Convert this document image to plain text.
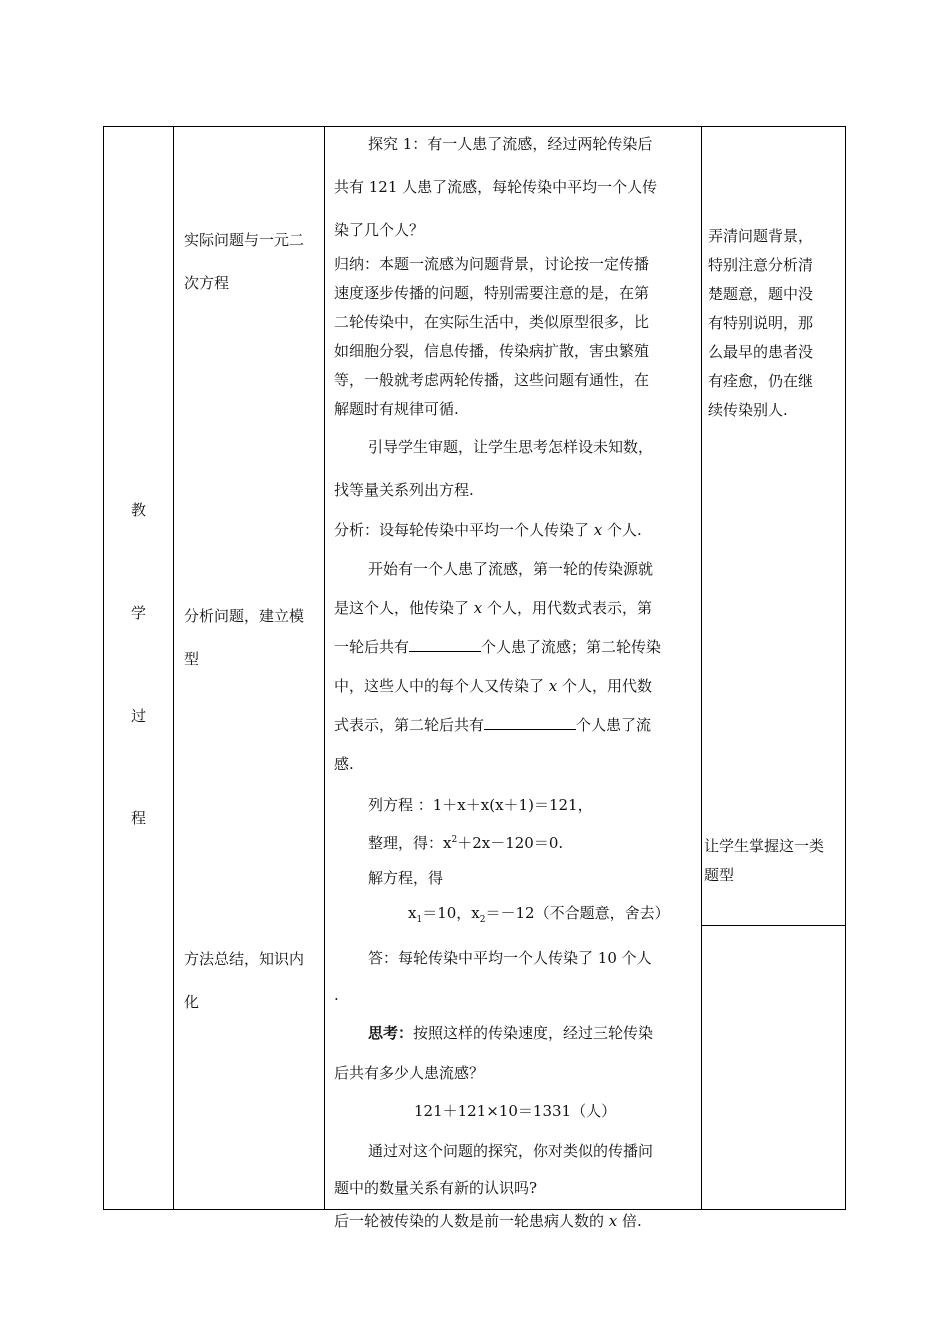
教
学
过
程
实际问题与一元二
次方程
分析问题，建立模
型
方法总结，知识内
化

探究 1：有一人患了流感，经过两轮传染后

共有 121 人患了流感，每轮传染中平均一个人传

染了几个人？

归纳：本题一流感为问题背景，讨论按一定传播

速度逐步传播的问题，特别需要注意的是，在第

二轮传染中，在实际生活中，类似原型很多，比

如细胞分裂，信息传播，传染病扩散，害虫繁殖

等，一般就考虑两轮传播，这些问题有通性，在

解题时有规律可循.

引导学生审题，让学生思考怎样设未知数，

找等量关系列出方程.

分析：设每轮传染中平均一个人传染了 x 个人.

开始有一个人患了流感，第一轮的传染源就

是这个人，他传染了 x 个人，用代数式表示，第

一轮后共有	个人患了流感；第二轮传染

中，这些人中的每个人又传染了 x 个人，用代数

式表示，第二轮后共有	个人患了流

感.

列方程 ：1＋x＋x(x＋1)＝121，

整理，得：$x^2+2x-120=0$.

解方程，得

$x_1=10$，$x_2=-12$（不合题意，舍去）

答：每轮传染中平均一个人传染了 10 个人

.

思考：按照这样的传染速度，经过三轮传染

后共有多少人患流感？

121＋121×10＝1331（人）

通过对这个问题的探究，你对类似的传播问

题中的数量关系有新的认识吗?

后一轮被传染的人数是前一轮患病人数的 x 倍.

弄清问题背景，
特别注意分析清
楚题意，题中没
有特别说明，那
么最早的患者没
有痊愈，仍在继
续传染别人.
让学生掌握这一类
题型
